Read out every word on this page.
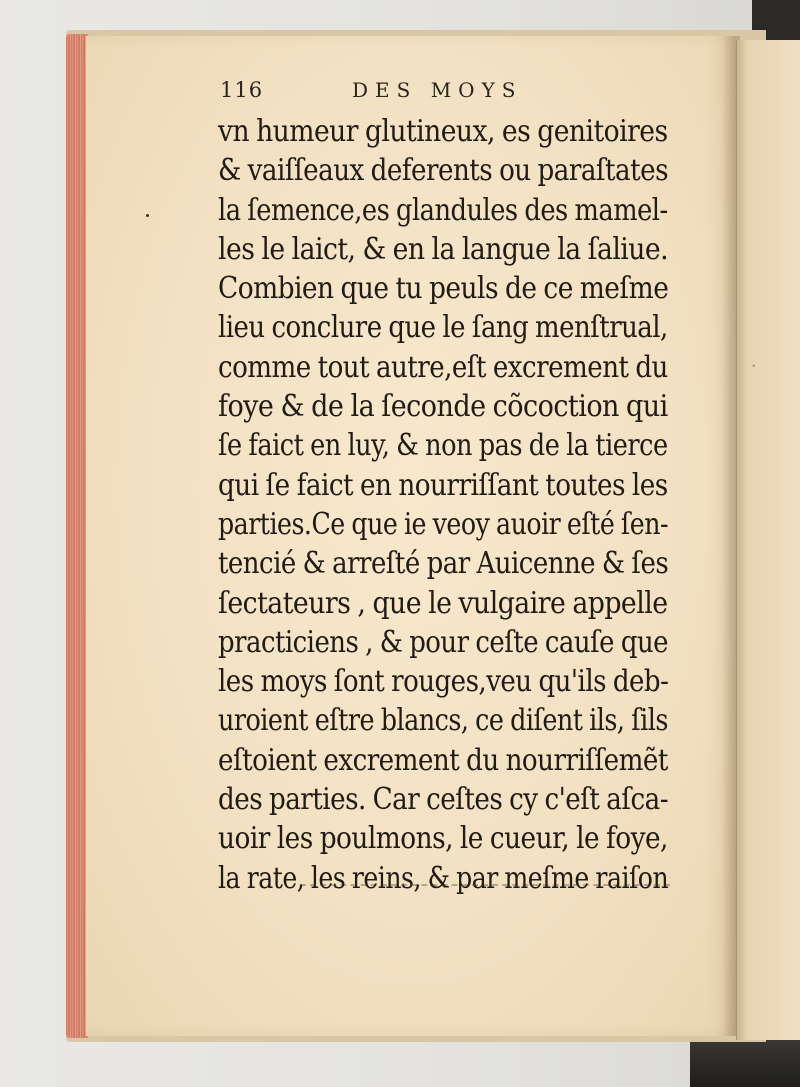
‸
116	DES MOYS
vn humeur glutineux, es genitoires
& vaiſſeaux deferents ou paraſtates
la ſemence,es glandules des mamel-
les le laict, & en la langue la ſaliue.
Combien que tu peuls de ce meſme
lieu conclure que le ſang menſtrual,
comme tout autre,eſt excrement du
foye & de la ſeconde cõcoction qui
ſe faict en luy, & non pas de la tierce
qui ſe faict en nourriſſant toutes les
parties.Ce que ie veoy auoir eſté ſen-
tencié & arreſté par Auicenne & ſes
ſectateurs , que le vulgaire appelle
practiciens , & pour ceſte cauſe que
les moys ſont rouges,veu qu'ils deb-
uroient eſtre blancs, ce diſent ils, ſils
eſtoient excrement du nourriſſemẽt
des parties. Car ceſtes cy c'eſt aſca-
uoir les poulmons, le cueur, le foye,
la rate, les reins, & par meſme raiſon
